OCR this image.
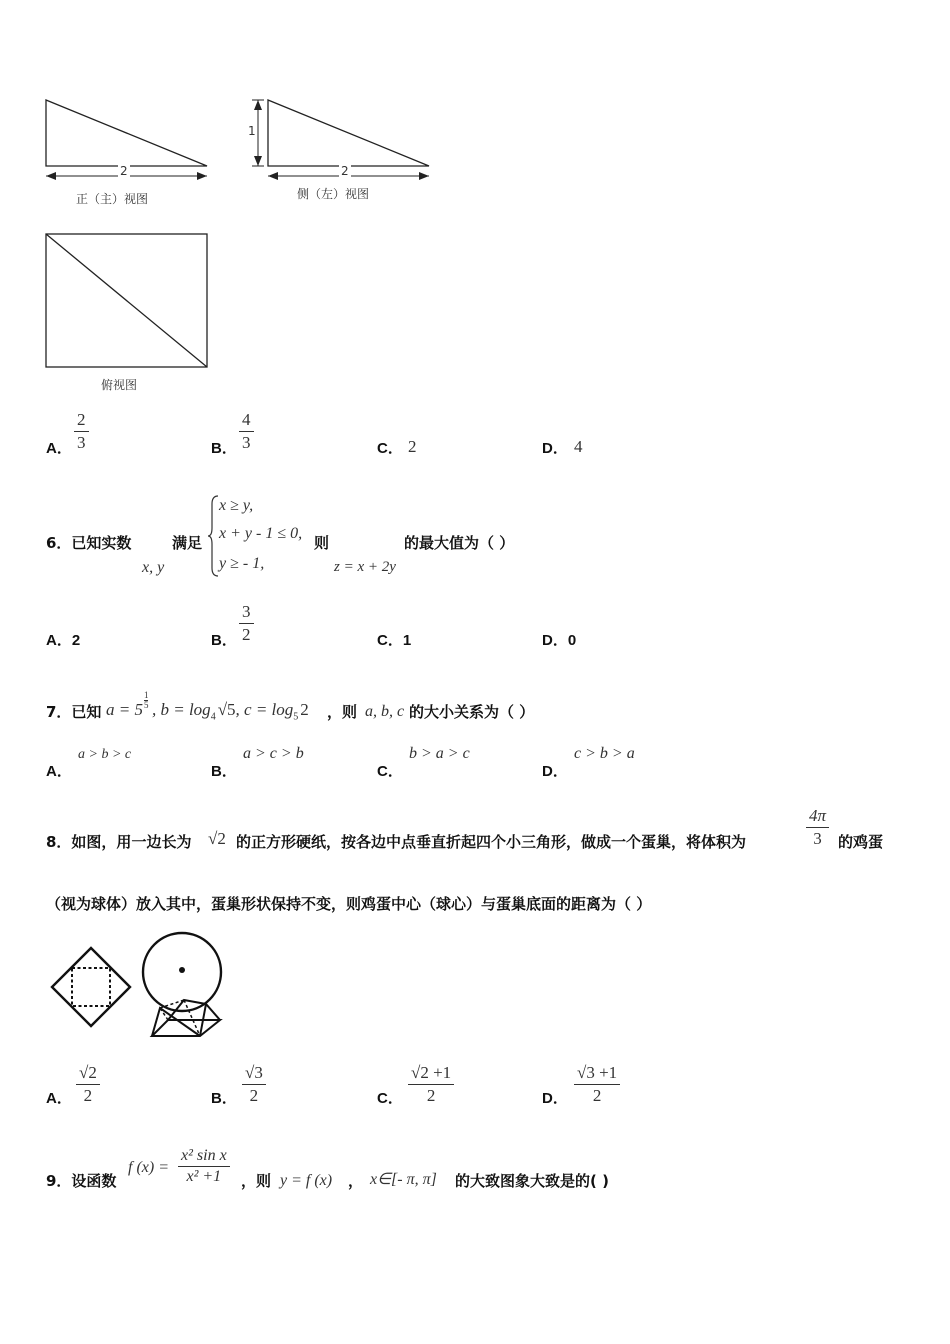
2
正（主）视图
2
1
侧（左）视图
俯视图
A． $\frac{2}{3}$	B． $\frac{4}{3}$	C． 2	D． 4
6．已知实数
x, y
满足
x ≥ y,
x + y - 1 ≤ 0,
y ≥ - 1,
则
z = x + 2y
的最大值为（ ）
A．2	B． $\frac{3}{2}$	C．1	D．0
7．已知 a = 5
1
5 , $b = \log_4 √5$, $c = \log_5 2$ ，则 a, b, c 的大小关系为（ ）
A．
a > b > c
B．
a > c > b
C．
b > a > c
D．
c > b > a
8．如图，用一边长为 √2 的正方形硬纸，按各边中点垂直折起四个小三角形，做成一个蛋巢，将体积为	$\frac{4\pi}{3}$ 的鸡蛋
（视为球体）放入其中，蛋巢形状保持不变，则鸡蛋中心（球心）与蛋巢底面的距离为（ ）
A． $\frac{√2}{2}$	B． $\frac{√3}{2}$	C． $\frac{√2 +1}{2}$	D． $\frac{√3 +1}{2}$
9．设函数
f $(x) = \frac{\text{x² sin x}}{\text{x² +1}}$ ，则 y = f (x) ， x∈[- π, π] 的大致图象大致是的( )
